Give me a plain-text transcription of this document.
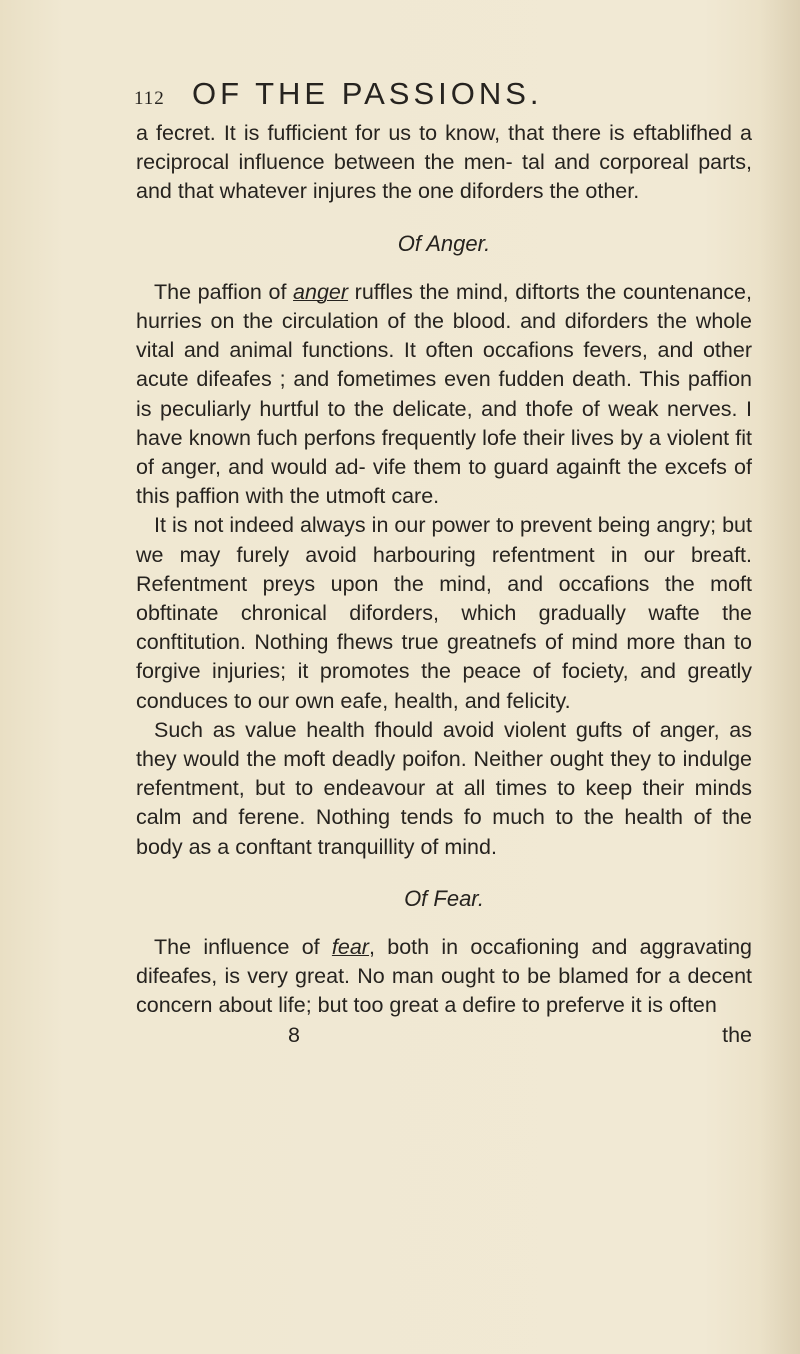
112 OF THE PASSIONS.

a fecret. It is fufficient for us to know, that there is eftablifhed a reciprocal influence between the men- tal and corporeal parts, and that whatever injures the one diforders the other.

Of Anger.

The paffion of anger ruffles the mind, diftorts the countenance, hurries on the circulation of the blood. and diforders the whole vital and animal functions. It often occafions fevers, and other acute difeafes ; and fometimes even fudden death. This paffion is peculiarly hurtful to the delicate, and thofe of weak nerves. I have known fuch perfons frequently lofe their lives by a violent fit of anger, and would ad- vife them to guard againft the excefs of this paffion with the utmoft care.

It is not indeed always in our power to prevent being angry; but we may furely avoid harbouring refentment in our breaft. Refentment preys upon the mind, and occafions the moft obftinate chronical diforders, which gradually wafte the conftitution. Nothing fhews true greatnefs of mind more than to forgive injuries; it promotes the peace of fociety, and greatly conduces to our own eafe, health, and felicity.

Such as value health fhould avoid violent gufts of anger, as they would the moft deadly poifon. Neither ought they to indulge refentment, but to endeavour at all times to keep their minds calm and ferene. Nothing tends fo much to the health of the body as a conftant tranquillity of mind.

Of Fear.

The influence of fear, both in occafioning and aggravating difeafes, is very great. No man ought to be blamed for a decent concern about life; but too great a defire to preferve it is often

8	the
